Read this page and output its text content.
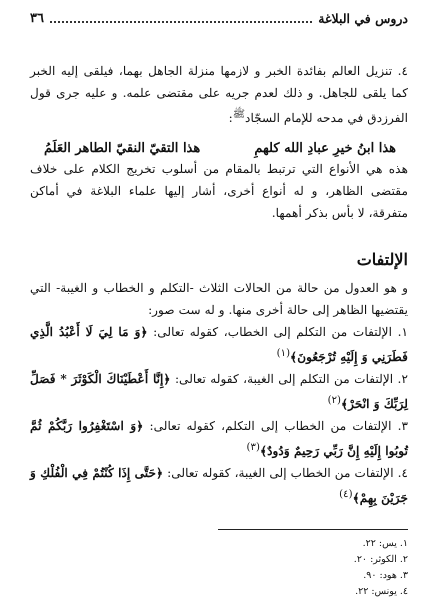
دروس في البلاغة
٣٦

٤. تنزيل العالم بفائدة الخبر و لازمها منزلة الجاهل بهما، فيلقى إليه الخبر كما يلقى للجاهل. و ذلك لعدم جريه على مقتضى علمه. و عليه جرى قول الفرزدق في مدحه للإمام السجّاد$^ﷺ$:

هذا ابنُ خيرِ عبادِ الله كلهمِ
هذا التقيّ النقيّ الطاهر العَلَمُ

هذه هي الأنواع التي ترتبط بالمقام من أسلوب تخريج الكلام على خلاف مقتضى الظاهر، و له أنواع أخرى، أشار إليها علماء البلاغة في أماكن متفرقة، لا بأس بذكر أهمها.

الإلتفات

و هو العدول من حالة من الحالات الثلاث -التكلم و الخطاب و الغيبة- التي يقتضيها الظاهر إلى حالة أخرى منها. و له ست صور:

١. الإلتفات من التكلم إلى الخطاب، كقوله تعالى: ﴿وَ مَا لِيَ لَا أَعْبُدُ الَّذِي فَطَرَنِي وَ إِلَيْهِ تُرْجَعُونَ﴾$^{(١)}$

٢. الإلتفات من التكلم إلى الغيبة، كقوله تعالى: ﴿إِنَّا أَعْطَيْنَاكَ الْكَوْثَرَ * فَصَلِّ لِرَبِّكَ وَ انْحَرْ﴾$^{(٢)}$

٣. الإلتفات من الخطاب إلى التكلم، كقوله تعالى: ﴿وَ اسْتَغْفِرُوا رَبَّكُمْ ثُمَّ تُوبُوا إِلَيْهِ إِنَّ رَبِّي رَحِيمٌ وَدُودٌ﴾$^{(٣)}$

٤. الإلتفات من الخطاب إلى الغيبة، كقوله تعالى: ﴿حَتَّى إِذَا كُنْتُمْ فِي الْفُلْكِ وَ جَرَيْنَ بِهِمْ﴾$^{(٤)}$

١. يس: ٢٢.
٢. الكوثر: ٢٠.
٣. هود: ٩٠.
٤. يونس: ٢٢.
